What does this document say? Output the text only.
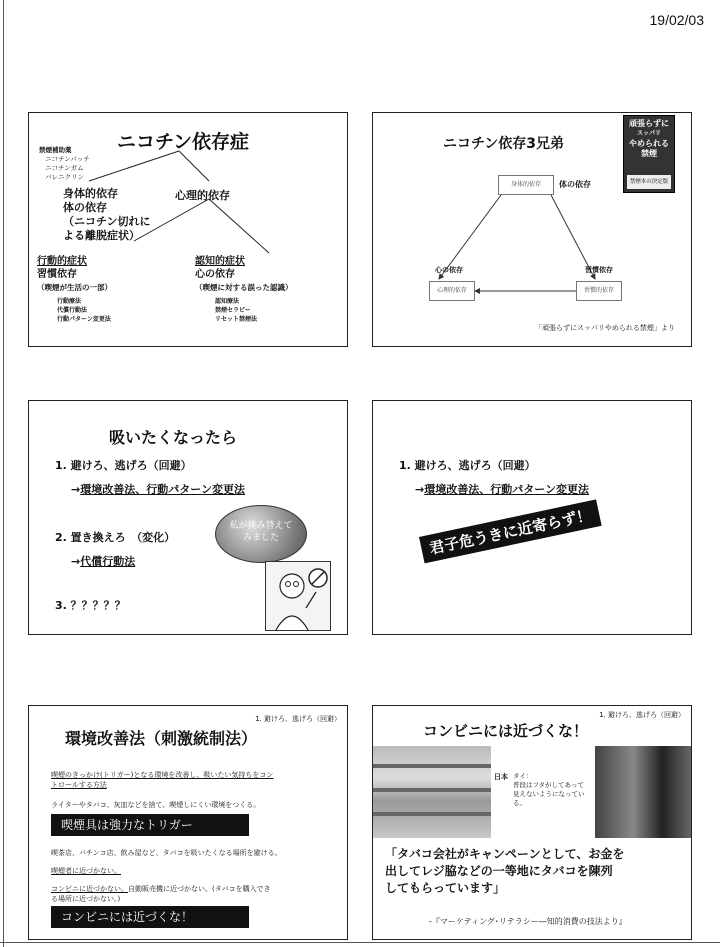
19/02/03
ニコチン依存症
禁煙補助薬
ニコチンパッチ
ニコチンガム
バレニクリン
身体的依存
体の依存
（ニコチン切れに
よる離脱症状）
心理的依存
行動的症状
習慣依存
（喫煙が生活の一部）
行動療法
代償行動法
行動パターン変更法
認知的症状
心の依存
（喫煙に対する誤った認識）
認知療法
禁煙セラピー
リセット禁煙法
ニコチン依存3兄弟
身体的依存	体の依存
心の依存
心理的依存
習慣依存
習慣的依存
頑張らずに
スッパリ
やめられる
禁煙
禁煙本の決定版
「頑張らずにスッパリやめられる禁煙」より
吸いたくなったら
1. 避けろ、逃げろ（回避）
→環境改善法、行動パターン変更法
2. 置き換えろ　（変化）
→代償行動法
3. ？？？？？
私が挑み替えて
みました
1. 避けろ、逃げろ（回避）
→環境改善法、行動パターン変更法
君子危うきに近寄らず！
1. 避けろ、逃げろ（回避）
環境改善法（刺激統制法）
喫煙のきっかけ(トリガー)となる環境を改善し、吸いたい気持ちをコン
トロールする方法
ライターやタバコ、灰皿などを捨て、喫煙しにくい環境をつくる。
喫煙具は強力なトリガー
喫茶店、パチンコ店、飲み屋など、タバコを吸いたくなる場所を避ける。
喫煙者に近づかない。
コンビニに近づかない。自動販売機に近づかない。(タバコを購入でき
る場所に近づかない。)
コンビニには近づくな！
1. 避けろ、逃げろ（回避）
コンビニには近づくな！
日本 タイ：
普段はフタがしてあって
見えないようになってい
る。
「タバコ会社がキャンペーンとして、お金を
出してレジ脇などの一等地にタバコを陳列
してもらっています」
-『マーケティング･リテラシー―知的消費の技法より』
